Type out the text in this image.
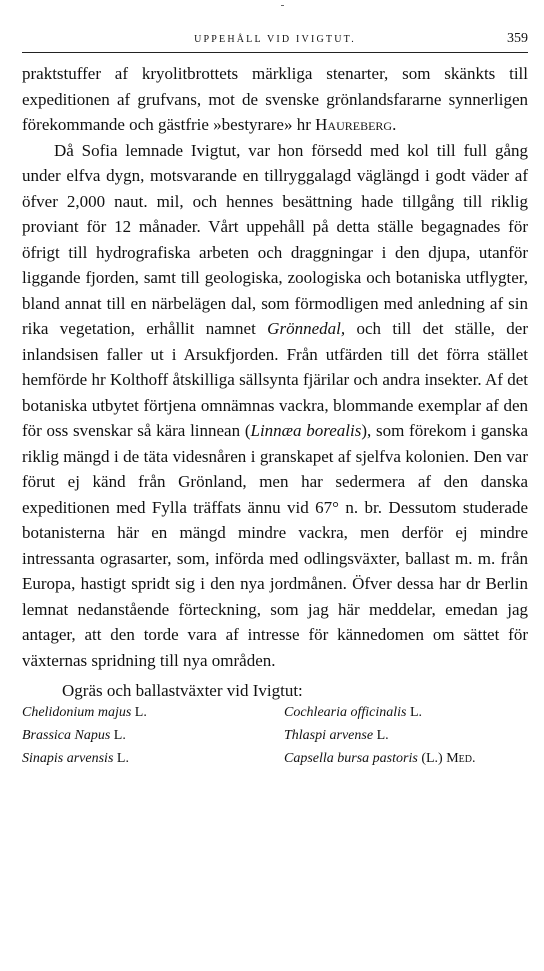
UPPEHÅLL VID IVIGTUT.	359

praktstuffer af kryolitbrottets märkliga stenarter, som skänkts till expeditionen af grufvans, mot de svenske grönlandsfararne synnerligen förekommande och gästfrie »bestyrare» hr Haureberg.

Då Sofia lemnade Ivigtut, var hon försedd med kol till full gång under elfva dygn, motsvarande en tillryggalagd väglängd i godt väder af öfver 2,000 naut. mil, och hennes besättning hade tillgång till riklig proviant för 12 månader. Vårt uppehåll på detta ställe begagnades för öfrigt till hydrografiska arbeten och draggningar i den djupa, utanför liggande fjorden, samt till geologiska, zoologiska och botaniska utflygter, bland annat till en närbelägen dal, som förmodligen med anledning af sin rika vegetation, erhållit namnet Grönnedal, och till det ställe, der inlandsisen faller ut i Arsukfjorden. Från utfärden till det förra stället hemförde hr Kolthoff åtskilliga sällsynta fjärilar och andra insekter. Af det botaniska utbytet förtjena omnämnas vackra, blommande exemplar af den för oss svenskar så kära linnean (Linnæa borealis), som förekom i ganska riklig mängd i de täta videsnåren i granskapet af sjelfva kolonien. Den var förut ej känd från Grönland, men har sedermera af den danska expeditionen med Fylla träffats ännu vid 67° n. br. Dessutom studerade botanisterna här en mängd mindre vackra, men derför ej mindre intressanta ograsarter, som, införda med odlingsväxter, ballast m. m. från Europa, hastigt spridt sig i den nya jordmånen. Öfver dessa har dr Berlin lemnat nedanstående förteckning, som jag här meddelar, emedan jag antager, att den torde vara af intresse för kännedomen om sättet för växternas spridning till nya områden.

Ogräs och ballastväxter vid Ivigtut:
Chelidonium majus L.	Cochlearia officinalis L.
Brassica Napus L.	Thlaspi arvense L.
Sinapis arvensis L.	Capsella bursa pastoris (L.) Med.
